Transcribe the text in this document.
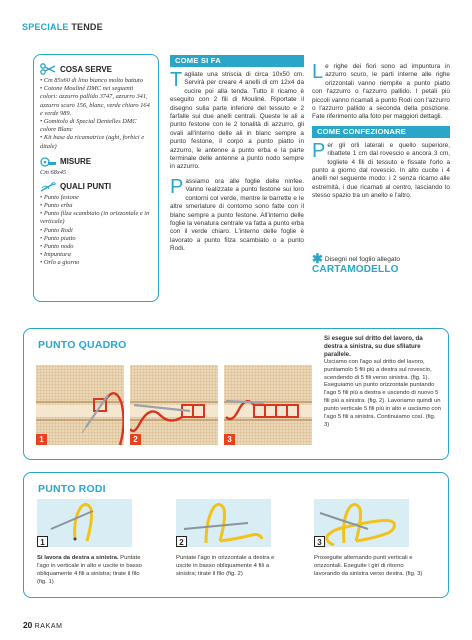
SPECIALE TENDE
COSA SERVE
• Cm 85x60 di lino bianco molto battuto
• Cotone Mouliné DMC nei seguenti colori: azzurro pallido 3747, azzurro 341, azzurro scuro 156, blanc, verde chiaro 164 e verde 989.
• Gomitolo di Special Dentelles DMC colore Blanc
• Kit base da ricamatrice (aghi, forbici e ditale)
MISURE

Cm 68x45

QUALI PUNTI
• Punto festone
• Punto erba
• Punto filza scambiato (in orizzontale e in verticale)
• Punto Rodi
• Punto piatto
• Punto nodo
• Impuntura
• Orlo a giorno
COME SI FA

Tagliate una striscia di circa 10x50 cm. Servirà per creare 4 anelli di cm 12x4 da cucire poi alla tenda. Tutto il ricamo è eseguito con 2 fili di Mouliné. Riportate il disegno sulla parte inferiore del tessuto e 2 farfalle sui due anelli centrali. Queste le ali a punto festone con le 2 tonalità di azzurro, gli ovali all'interno delle ali in blanc sempre a punto festone, il corpo a punto piatto in azzurro, le antenne a punto erba e la parte terminale delle antenne a punto nodo sempre in azzurro.

Passiamo ora alle foglie delle ninfee. Vanno realizzate a punto festone sui loro contorni col verde, mentre le barrette e le altre smerlature di contorno sono fatte con il blanc sempre a punto festone. All'interno delle foglie la venatura centrale va fatta a punto erba con il verde chiaro. L'interno delle foglie è lavorato a punto filza scambiato o a punto Rodi.

Le righe dei fiori sono ad impuntura in azzurro scuro, le parti interne alle righe orizzontali vanno riempite a punto piatto con l'azzurro o l'azzurro pallido. I petali più piccoli vanno ricamati a punto Rodi con l'azzurro o l'azzurro pallido a seconda della posizione. Fate riferimento alla foto per maggiori dettagli.

COME CONFEZIONARE

Per gli orli laterali e quello superiore, ribattete 1 cm dal rovescio e ancora 3 cm, togliete 4 fili di tessuto e fissate l'orlo a punto a giorno dal rovescio. In alto cucite i 4 anelli nel seguente modo: i 2 senza ricamo alle estremità, i due ricamati al centro, lasciando lo stesso spazio tra un anello e l'altro.

✱ Disegni nel foglio allegato
CARTAMODELLO
PUNTO QUADRO
1	2	3
Si esegue sul dritto del lavoro, da destra a sinistra, su due sfilature parallele.
Usciamo con l'ago sul dritto del lavoro, puntiamolo 5 fili più a destra sul rovescio, scendendo di 5 fili verso sinistra. (fig. 1). Eseguiamo un punto orizzontale puntando l'ago 5 fili più a destra e uscendo di nuovo 5 fili più a sinistra. (fig. 2). Lavoriamo quindi un punto verticale 5 fili più in alto e usciamo con l'ago 5 fili a sinistra. Continuiamo così. (fig. 3)
PUNTO RODI
1
Si lavora da destra a sinistra. Puntate l'ago in verticale in alto e uscite in basso obliquamente 4 fili a sinistra; tirate il filo (fig. 1)
2
Puntate l'ago in orizzontale a destra e uscite in basso obliquamente 4 fili a sinistra; tirate il filo (fig. 2)
3
Proseguite alternando punti verticali e orizzontali. Eseguite i giri di ritorno lavorando da sinistra verso destra. (fig. 3)
20 RAKAM
